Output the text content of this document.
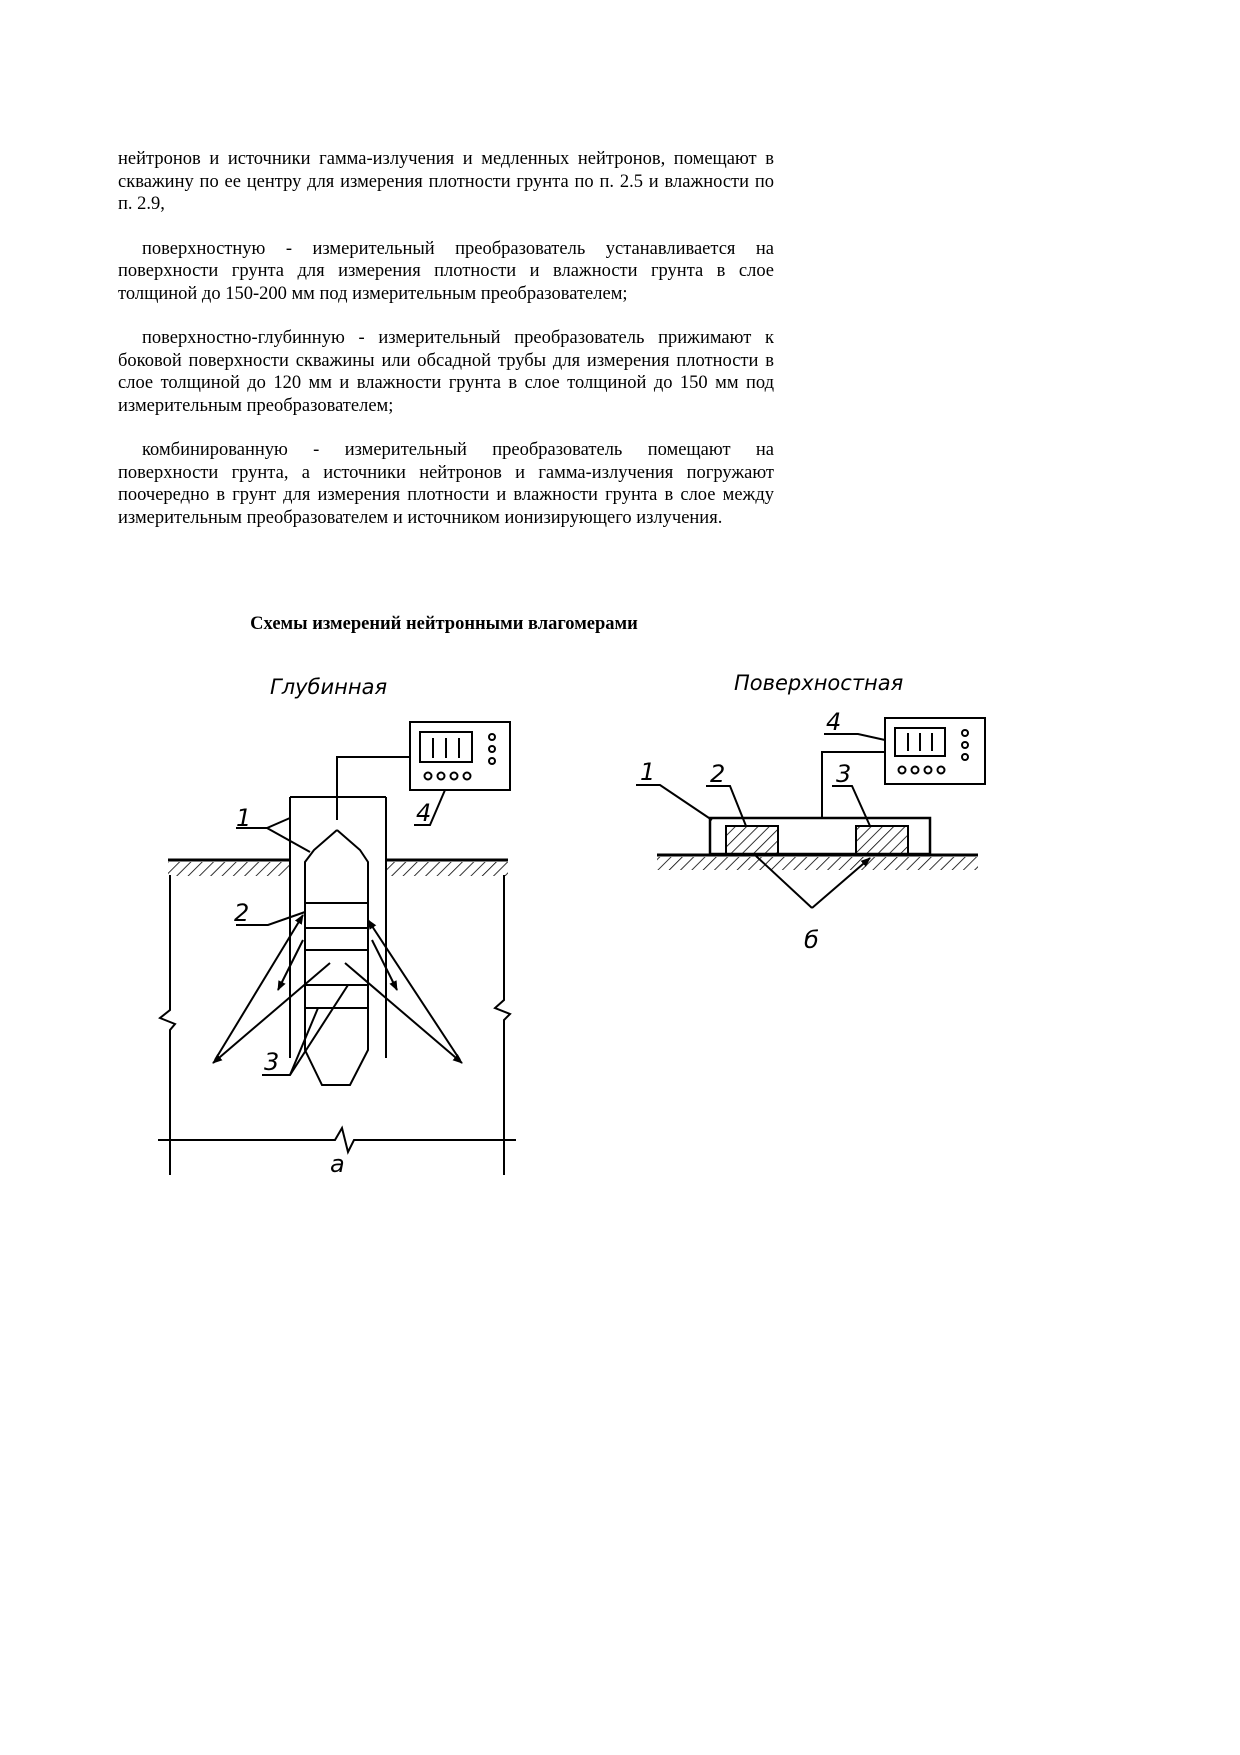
нейтронов и источники гамма-излучения и медленных нейтронов, помещают в скважину по ее центру для измерения плотности грунта по п. 2.5 и влажности по п. 2.9,

поверхностную - измерительный преобразователь устанавливается на поверхности грунта для измерения плотности и влажности грунта в слое толщиной до 150-200 мм под измерительным преобразователем;

поверхностно-глубинную - измерительный преобразователь прижимают к боковой поверхности скважины или обсадной трубы для измерения плотности в слое толщиной до 120 мм и влажности грунта в слое толщиной до 150 мм под измерительным преобразователем;

комбинированную - измерительный преобразователь помещают на поверхности грунта, а источники нейтронов и гамма-излучения погружают поочередно в грунт для измерения плотности и влажности грунта в слое между измерительным преобразователем и источником ионизирующего излучения.

Схемы измерений нейтронными влагомерами
Глубинная
1
2
3
4
а
Поверхностная
1 2	3
4
б
